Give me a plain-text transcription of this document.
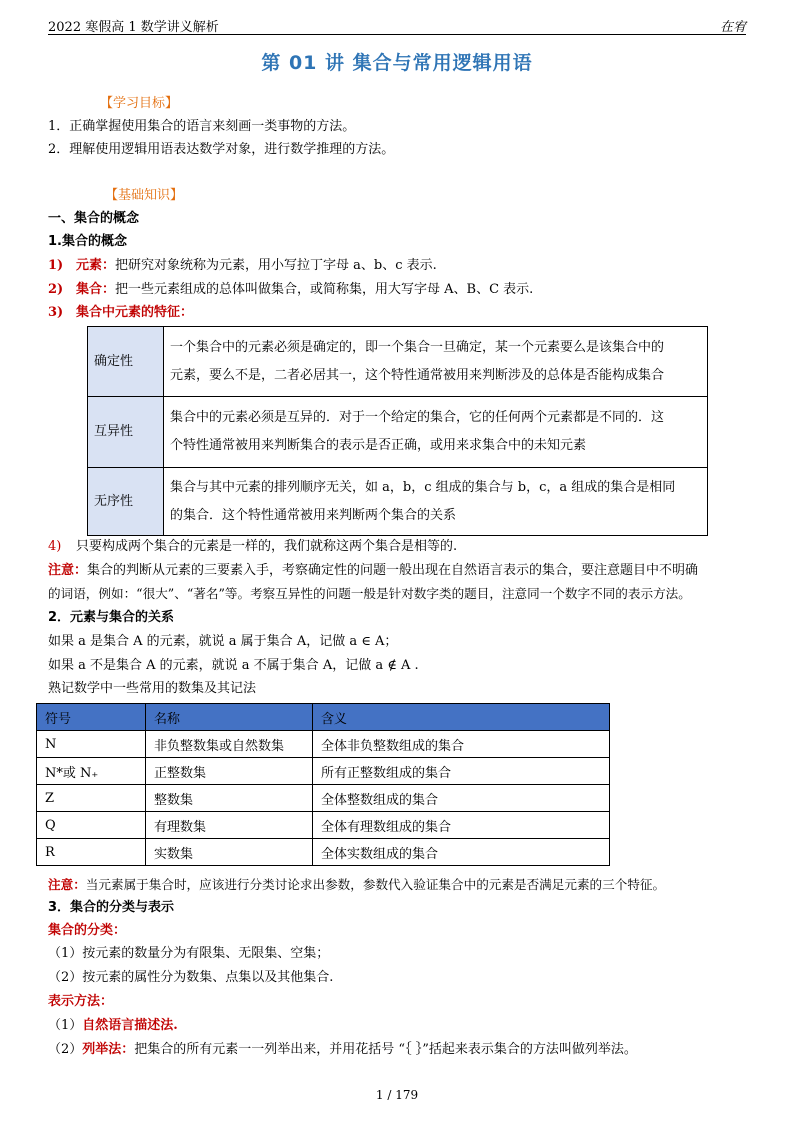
2022 寒假高 1 数学讲义解析	在宥
第 01 讲 集合与常用逻辑用语
【学习目标】
1．正确掌握使用集合的语言来刻画一类事物的方法。
2．理解使用逻辑用语表达数学对象，进行数学推理的方法。
【基础知识】
一、集合的概念
1.集合的概念
1) 元素：把研究对象统称为元素，用小写拉丁字母 a、b、c 表示.
2) 集合：把一些元素组成的总体叫做集合，或简称集，用大写字母 A、B、C 表示.
3) 集合中元素的特征：
确定性	一个集合中的元素必须是确定的，即一个集合一旦确定，某一个元素要么是该集合中的
元素，要么不是，二者必居其一，这个特性通常被用来判断涉及的总体是否能构成集合

互异性	集合中的元素必须是互异的．对于一个给定的集合，它的任何两个元素都是不同的．这
个特性通常被用来判断集合的表示是否正确，或用来求集合中的未知元素

无序性	集合与其中元素的排列顺序无关，如 a，b，c 组成的集合与 b，c，a 组成的集合是相同
的集合．这个特性通常被用来判断两个集合的关系
4) 只要构成两个集合的元素是一样的，我们就称这两个集合是相等的.
注意：集合的判断从元素的三要素入手，考察确定性的问题一般出现在自然语言表示的集合，要注意题目中不明确
的词语，例如：“很大”、“著名”等。考察互异性的问题一般是针对数字类的题目，注意同一个数字不同的表示方法。
2．元素与集合的关系
如果 a 是集合 A 的元素，就说 a 属于集合 A，记做 a ∈ A；
如果 a 不是集合 A 的元素，就说 a 不属于集合 A，记做 a ∉ A .
熟记数学中一些常用的数集及其记法
符号	名称	含义
N	非负整数集或自然数集	全体非负整数组成的集合
N*或 N₊	正整数集	所有正整数组成的集合
Z	整数集	全体整数组成的集合
Q	有理数集	全体有理数组成的集合
R	实数集	全体实数组成的集合
注意：当元素属于集合时，应该进行分类讨论求出参数，参数代入验证集合中的元素是否满足元素的三个特征。
3．集合的分类与表示
集合的分类：
（1）按元素的数量分为有限集、无限集、空集；
（2）按元素的属性分为数集、点集以及其他集合.
表示方法：
（1）自然语言描述法.
（2）列举法：把集合的所有元素一一列举出来，并用花括号 “｛ ｝”括起来表示集合的方法叫做列举法。
1 / 179
